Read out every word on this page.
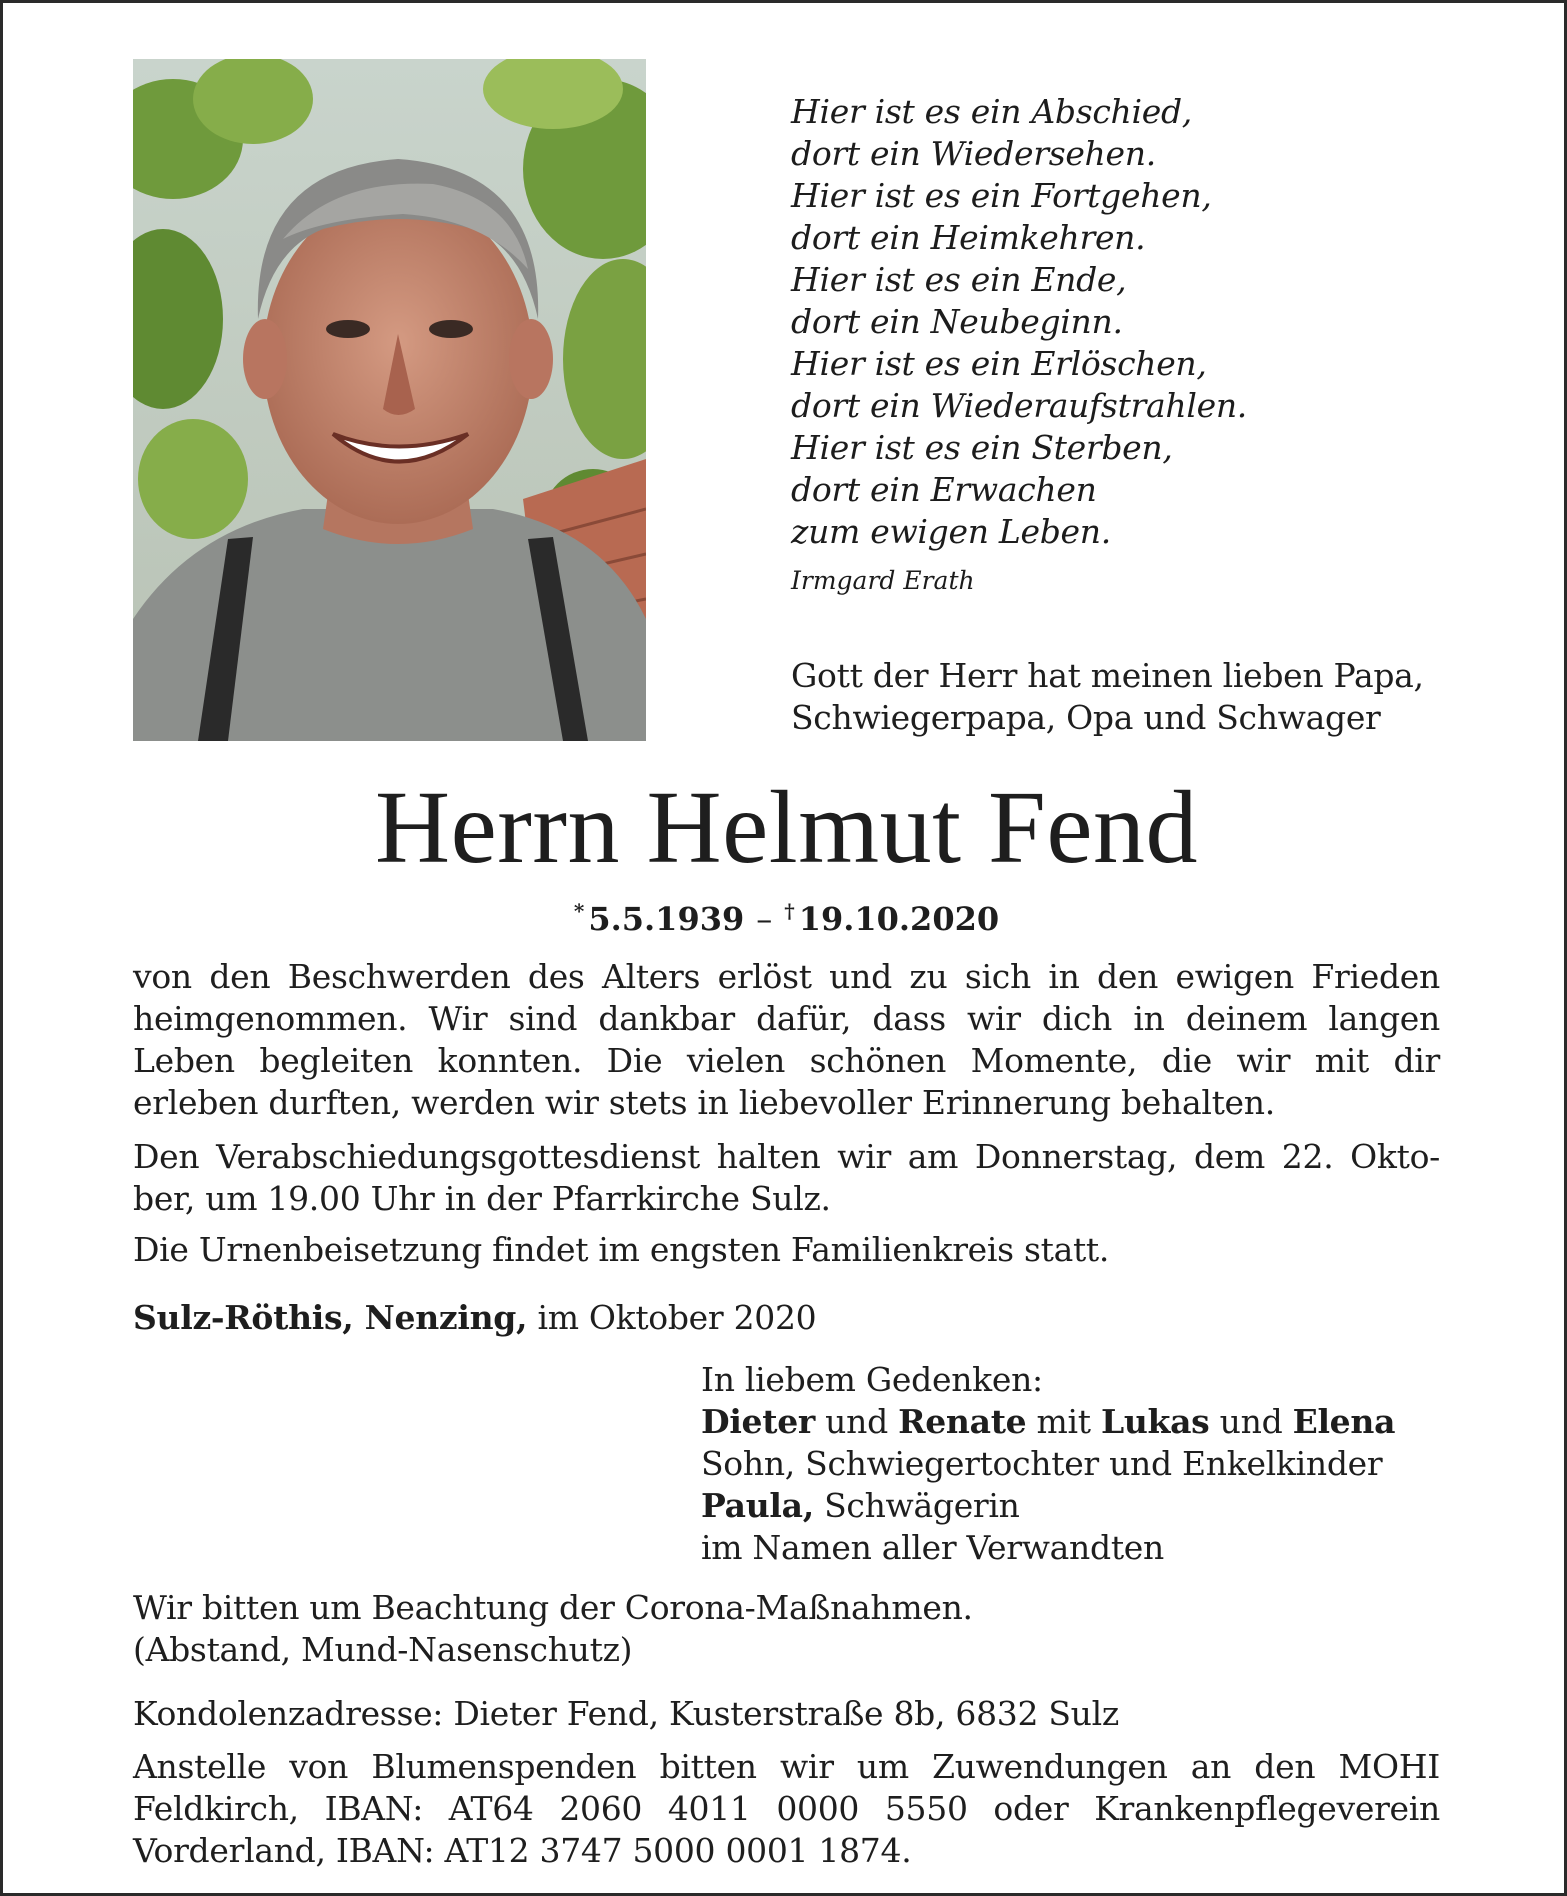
Hier ist es ein Abschied,
dort ein Wiedersehen.
Hier ist es ein Fortgehen,
dort ein Heimkehren.
Hier ist es ein Ende,
dort ein Neubeginn.
Hier ist es ein Erlöschen,
dort ein Wiederaufstrahlen.
Hier ist es ein Sterben,
dort ein Erwachen
zum ewigen Leben.
Irmgard Erath
Gott der Herr hat meinen lieben Papa,
Schwiegerpapa, Opa und Schwager
Herrn Helmut Fend
* 5.5.1939 – † 19.10.2020
von den Beschwerden des Alters erlöst und zu sich in den ewigen Frieden
heimgenommen. Wir sind dankbar dafür, dass wir dich in deinem langen
Leben begleiten konnten. Die vielen schönen Momente, die wir mit dir
erleben durften, werden wir stets in liebevoller Erinnerung behalten.
Den Verabschiedungsgottesdienst halten wir am Donnerstag, dem 22. Okto-
ber, um 19.00 Uhr in der Pfarrkirche Sulz.
Die Urnenbeisetzung findet im engsten Familienkreis statt.
Sulz-Röthis, Nenzing, im Oktober 2020
In liebem Gedenken:
Dieter und Renate mit Lukas und Elena
Sohn, Schwiegertochter und Enkelkinder
Paula, Schwägerin
im Namen aller Verwandten
Wir bitten um Beachtung der Corona-Maßnahmen.
(Abstand, Mund-Nasenschutz)
Kondolenzadresse: Dieter Fend, Kusterstraße 8b, 6832 Sulz
Anstelle von Blumenspenden bitten wir um Zuwendungen an den MOHI
Feldkirch, IBAN: AT64 2060 4011 0000 5550 oder Krankenpflegeverein
Vorderland, IBAN: AT12 3747 5000 0001 1874.
